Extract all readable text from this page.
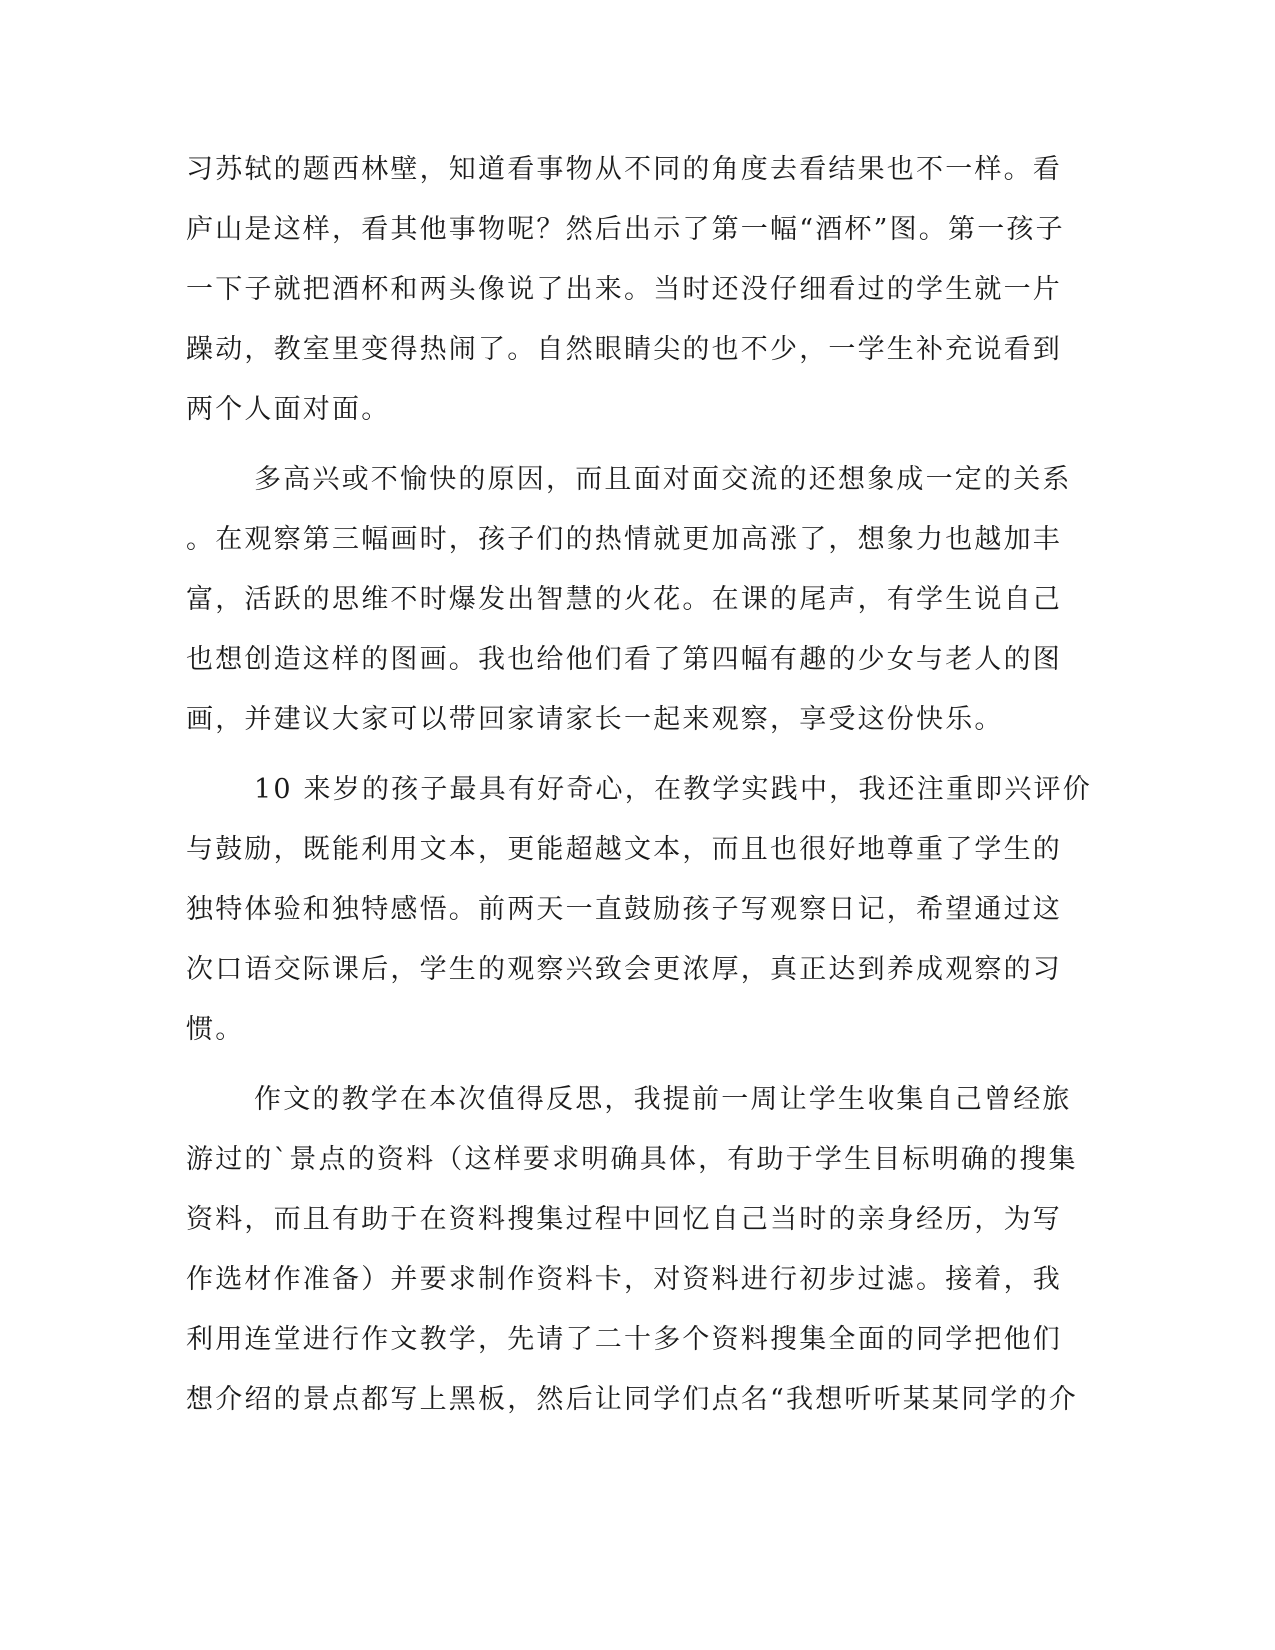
习苏轼的题西林壁，知道看事物从不同的角度去看结果也不一样。看
庐山是这样，看其他事物呢？然后出示了第一幅“酒杯”图。第一孩子
一下子就把酒杯和两头像说了出来。当时还没仔细看过的学生就一片
躁动，教室里变得热闹了。自然眼睛尖的也不少，一学生补充说看到
两个人面对面。
多高兴或不愉快的原因，而且面对面交流的还想象成一定的关系
。在观察第三幅画时，孩子们的热情就更加高涨了，想象力也越加丰
富，活跃的思维不时爆发出智慧的火花。在课的尾声，有学生说自己
也想创造这样的图画。我也给他们看了第四幅有趣的少女与老人的图
画，并建议大家可以带回家请家长一起来观察，享受这份快乐。
10 来岁的孩子最具有好奇心，在教学实践中，我还注重即兴评价
与鼓励，既能利用文本，更能超越文本，而且也很好地尊重了学生的
独特体验和独特感悟。前两天一直鼓励孩子写观察日记，希望通过这
次口语交际课后，学生的观察兴致会更浓厚，真正达到养成观察的习
惯。
作文的教学在本次值得反思，我提前一周让学生收集自己曾经旅
游过的`景点的资料（这样要求明确具体，有助于学生目标明确的搜集
资料，而且有助于在资料搜集过程中回忆自己当时的亲身经历，为写
作选材作准备）并要求制作资料卡，对资料进行初步过滤。接着，我
利用连堂进行作文教学，先请了二十多个资料搜集全面的同学把他们
想介绍的景点都写上黑板，然后让同学们点名“我想听听某某同学的介
